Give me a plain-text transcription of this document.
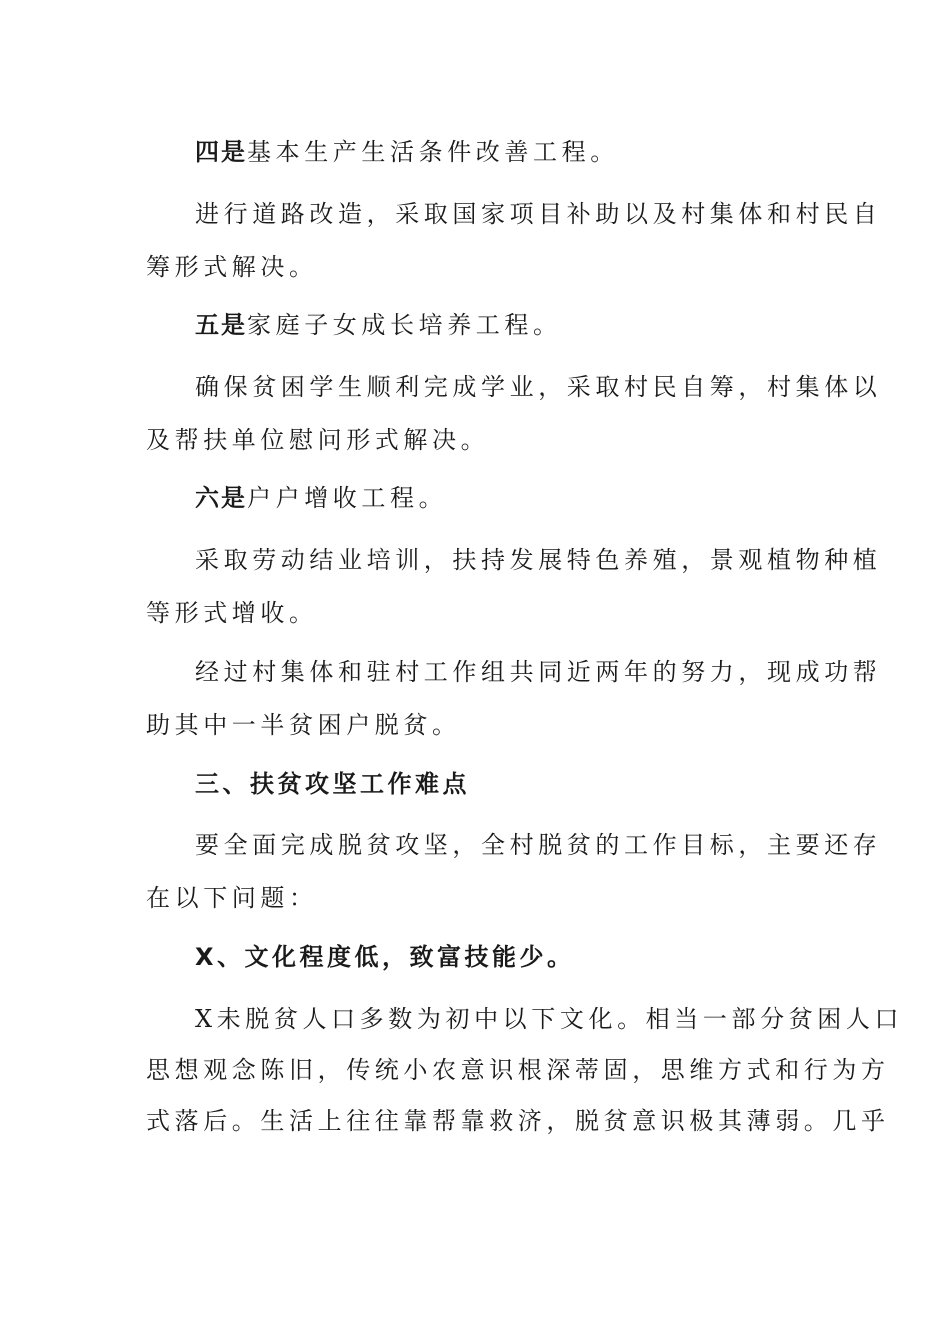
四是基本生产生活条件改善工程。
进行道路改造，采取国家项目补助以及村集体和村民自
筹形式解决。
五是家庭子女成长培养工程。
确保贫困学生顺利完成学业，采取村民自筹，村集体以
及帮扶单位慰问形式解决。
六是户户增收工程。
采取劳动结业培训，扶持发展特色养殖，景观植物种植
等形式增收。
经过村集体和驻村工作组共同近两年的努力，现成功帮
助其中一半贫困户脱贫。
三、扶贫攻坚工作难点
要全面完成脱贫攻坚，全村脱贫的工作目标，主要还存
在以下问题：
X、文化程度低，致富技能少。
X未脱贫人口多数为初中以下文化。相当一部分贫困人口
思想观念陈旧，传统小农意识根深蒂固，思维方式和行为方
式落后。生活上往往靠帮靠救济，脱贫意识极其薄弱。几乎
